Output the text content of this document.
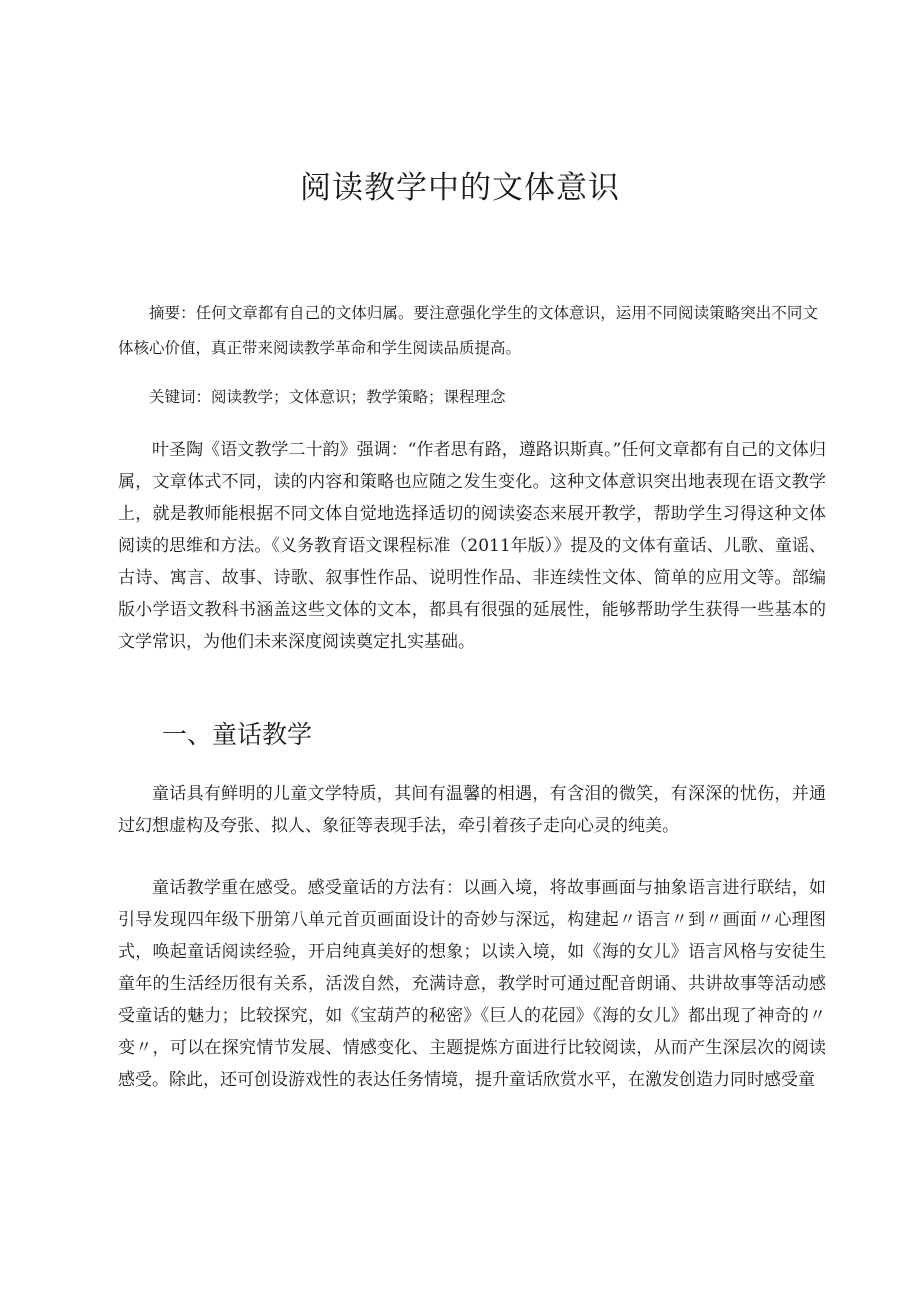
阅读教学中的文体意识
摘要：任何文章都有自己的文体归属。要注意强化学生的文体意识，运用不同阅读策略突出不同文体核心价值，真正带来阅读教学革命和学生阅读品质提高。
关键词：阅读教学；文体意识；教学策略；课程理念
叶圣陶《语文教学二十韵》强调：“作者思有路，遵路识斯真。”任何文章都有自己的文体归属，文章体式不同，读的内容和策略也应随之发生变化。这种文体意识突出地表现在语文教学上，就是教师能根据不同文体自觉地选择适切的阅读姿态来展开教学，帮助学生习得这种文体阅读的思维和方法。《义务教育语文课程标准（2011年版）》提及的文体有童话、儿歌、童谣、古诗、寓言、故事、诗歌、叙事性作品、说明性作品、非连续性文体、简单的应用文等。部编版小学语文教科书涵盖这些文体的文本，都具有很强的延展性，能够帮助学生获得一些基本的文学常识，为他们未来深度阅读奠定扎实基础。
一、童话教学
童话具有鲜明的儿童文学特质，其间有温馨的相遇，有含泪的微笑，有深深的忧伤，并通过幻想虚构及夸张、拟人、象征等表现手法，牵引着孩子走向心灵的纯美。
童话教学重在感受。感受童话的方法有：以画入境，将故事画面与抽象语言进行联结，如引导发现四年级下册第八单元首页画面设计的奇妙与深远，构建起〃语言〃到〃画面〃心理图式，唤起童话阅读经验，开启纯真美好的想象；以读入境，如《海的女儿》语言风格与安徒生童年的生活经历很有关系，活泼自然，充满诗意，教学时可通过配音朗诵、共讲故事等活动感受童话的魅力；比较探究，如《宝葫芦的秘密》《巨人的花园》《海的女儿》都出现了神奇的〃变〃，可以在探究情节发展、情感变化、主题提炼方面进行比较阅读，从而产生深层次的阅读感受。除此，还可创设游戏性的表达任务情境，提升童话欣赏水平，在激发创造力同时感受童
